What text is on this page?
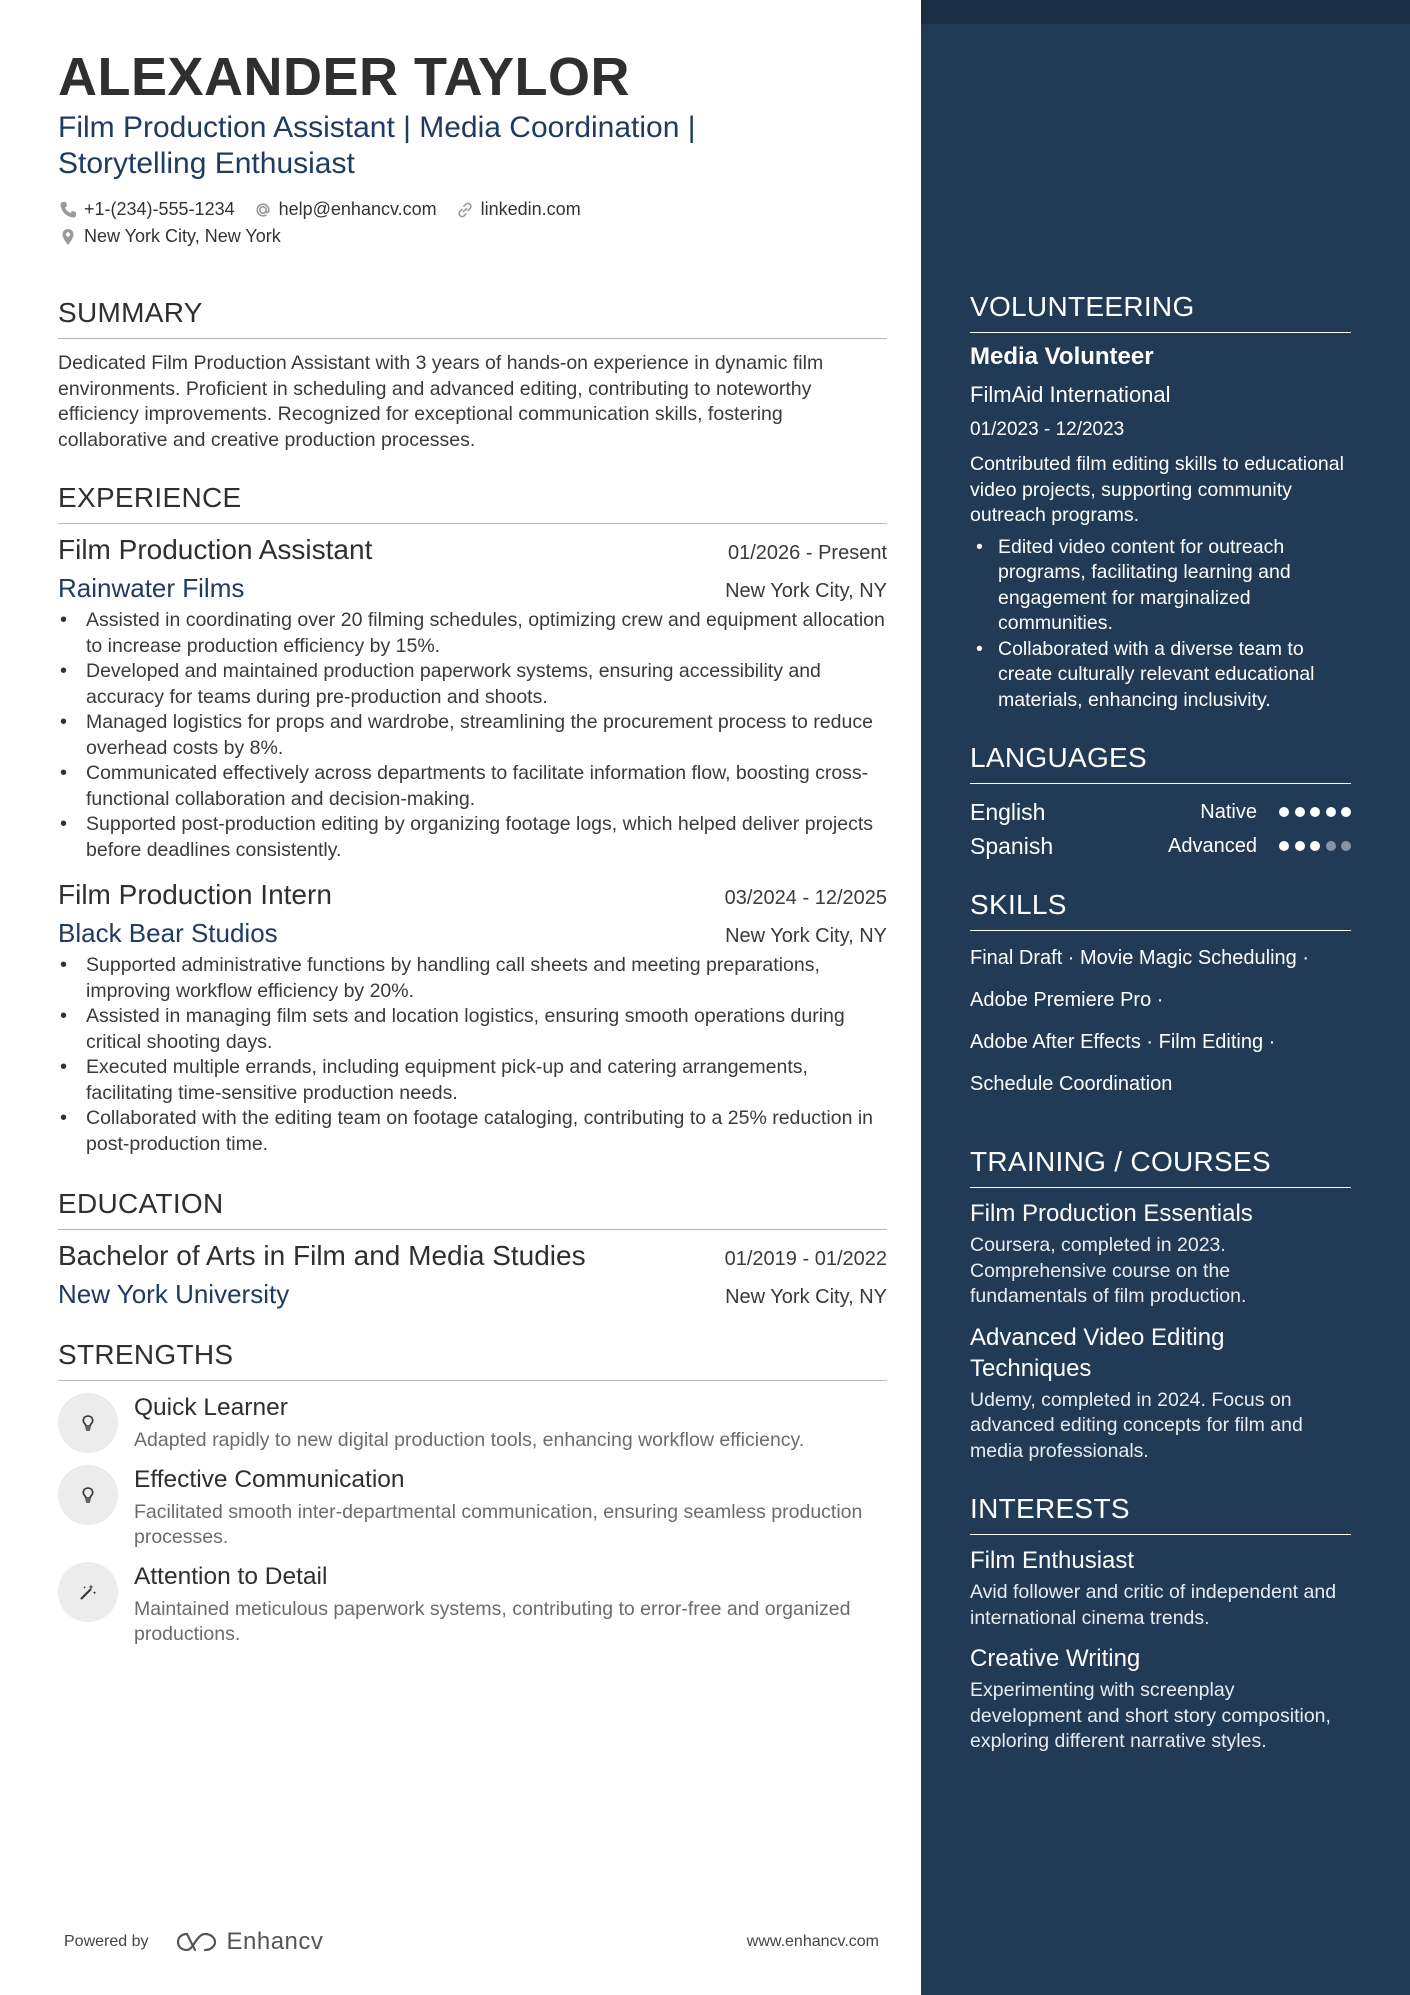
ALEXANDER TAYLOR
Film Production Assistant | Media Coordination | Storytelling Enthusiast
+1-(234)-555-1234 help@enhancv.com linkedin.com
New York City, New York
SUMMARY
Dedicated Film Production Assistant with 3 years of hands-on experience in dynamic film environments. Proficient in scheduling and advanced editing, contributing to noteworthy efficiency improvements. Recognized for exceptional communication skills, fostering collaborative and creative production processes.
EXPERIENCE
Film Production Assistant	01/2026 - Present
Rainwater Films	New York City, NY
• Assisted in coordinating over 20 filming schedules, optimizing crew and equipment allocation to increase production efficiency by 15%.
• Developed and maintained production paperwork systems, ensuring accessibility and accuracy for teams during pre-production and shoots.
• Managed logistics for props and wardrobe, streamlining the procurement process to reduce overhead costs by 8%.
• Communicated effectively across departments to facilitate information flow, boosting cross-functional collaboration and decision-making.
• Supported post-production editing by organizing footage logs, which helped deliver projects before deadlines consistently.
Film Production Intern	03/2024 - 12/2025
Black Bear Studios	New York City, NY
• Supported administrative functions by handling call sheets and meeting preparations, improving workflow efficiency by 20%.
• Assisted in managing film sets and location logistics, ensuring smooth operations during critical shooting days.
• Executed multiple errands, including equipment pick-up and catering arrangements, facilitating time-sensitive production needs.
• Collaborated with the editing team on footage cataloging, contributing to a 25% reduction in post-production time.
EDUCATION
Bachelor of Arts in Film and Media Studies	01/2019 - 01/2022
New York University	New York City, NY
STRENGTHS
Quick Learner
Adapted rapidly to new digital production tools, enhancing workflow efficiency.
Effective Communication
Facilitated smooth inter-departmental communication, ensuring seamless production processes.
Attention to Detail
Maintained meticulous paperwork systems, contributing to error-free and organized productions.
Powered by	Enhancv	www.enhancv.com
VOLUNTEERING
Media Volunteer
FilmAid International
01/2023 - 12/2023
Contributed film editing skills to educational video projects, supporting community outreach programs.
• Edited video content for outreach programs, facilitating learning and engagement for marginalized communities.
• Collaborated with a diverse team to create culturally relevant educational materials, enhancing inclusivity.
LANGUAGES
English	Native
Spanish	Advanced
SKILLS
Final Draft · Movie Magic Scheduling ·
Adobe Premiere Pro ·
Adobe After Effects · Film Editing ·
Schedule Coordination
TRAINING / COURSES
Film Production Essentials
Coursera, completed in 2023. Comprehensive course on the fundamentals of film production.
Advanced Video Editing Techniques
Udemy, completed in 2024. Focus on advanced editing concepts for film and media professionals.
INTERESTS
Film Enthusiast
Avid follower and critic of independent and international cinema trends.
Creative Writing
Experimenting with screenplay development and short story composition, exploring different narrative styles.
